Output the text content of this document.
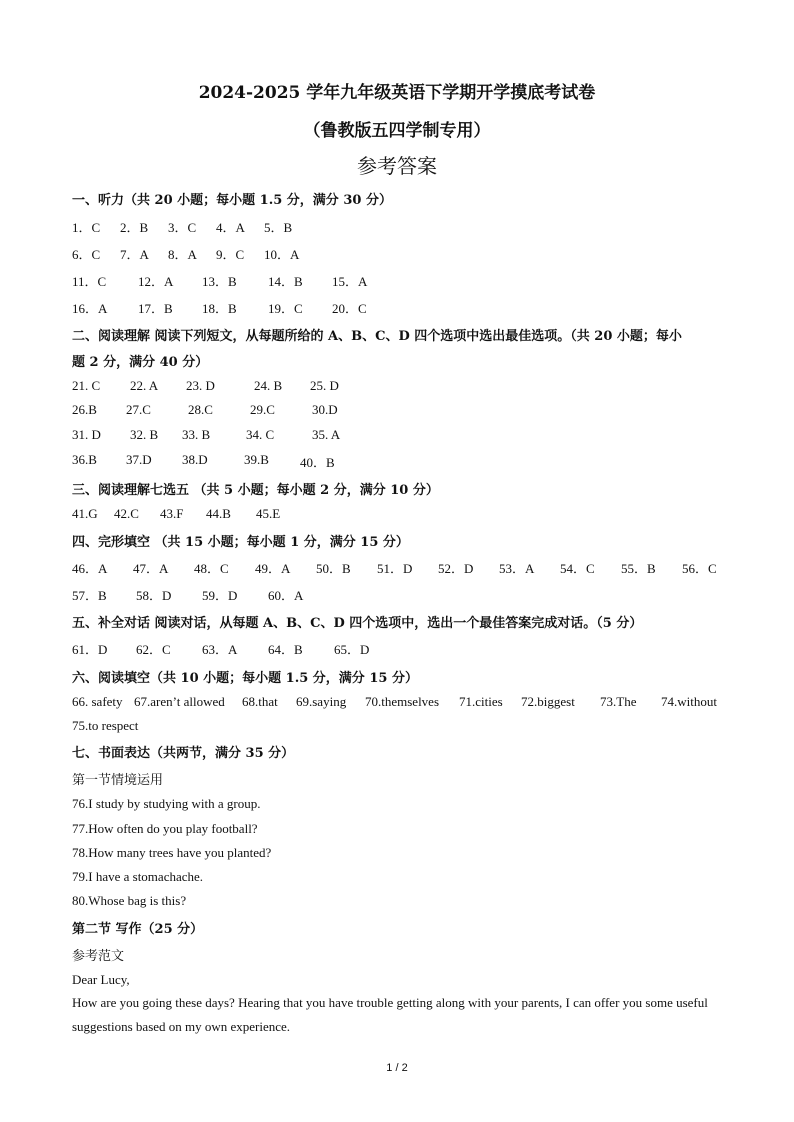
2024-2025 学年九年级英语下学期开学摸底考试卷
（鲁教版五四学制专用）
参考答案
一、听力（共 20 小题；每小题 1.5 分，满分 30 分）
1．C 2．B 3．C 4．A 5．B
6．C 7．A 8．A 9．C 10．A
11．C 12．A 13．B 14．B 15．A
16．A 17．B 18．B 19．C 20．C
二、阅读理解 阅读下列短文，从每题所给的 A、B、C、D 四个选项中选出最佳选项。（共 20 小题；每小
题 2 分，满分 40 分）
21. C 22. A 23. D	24. B 25. D
26.B 27.C	28.C	29.C	30.D
31. D 32. B 33. B	34. C	35. A
36.B 37.D 38.D	39.B 40．B
三、阅读理解七选五 （共 5 小题；每小题 2 分，满分 10 分）
41.G 42.C 43.F 44.B 45.E
四、完形填空 （共 15 小题；每小题 1 分，满分 15 分）
46．A 47．A 48．C 49．A 50．B 51．D 52．D 53．A 54．C 55．B 56．C
57．B 58．D 59．D 60．A
五、补全对话 阅读对话，从每题 A、B、C、D 四个选项中，选出一个最佳答案完成对话。（5 分）
61．D 62．C 63．A 64．B 65．D
六、阅读填空（共 10 小题；每小题 1.5 分，满分 15 分）
66. safety 67.aren’t allowed 68.that 69.saying 70.themselves 71.cities 72.biggest 73.The 74.without
75.to respect
七、书面表达（共两节，满分 35 分）
第一节情境运用
76.I study by studying with a group.
77.How often do you play football?
78.How many trees have you planted?
79.I have a stomachache.
80.Whose bag is this?
第二节 写作（25 分）
参考范文
Dear Lucy,
How are you going these days? Hearing that you have trouble getting along with your parents, I can offer you some useful suggestions based on my own experience.
1 / 2
